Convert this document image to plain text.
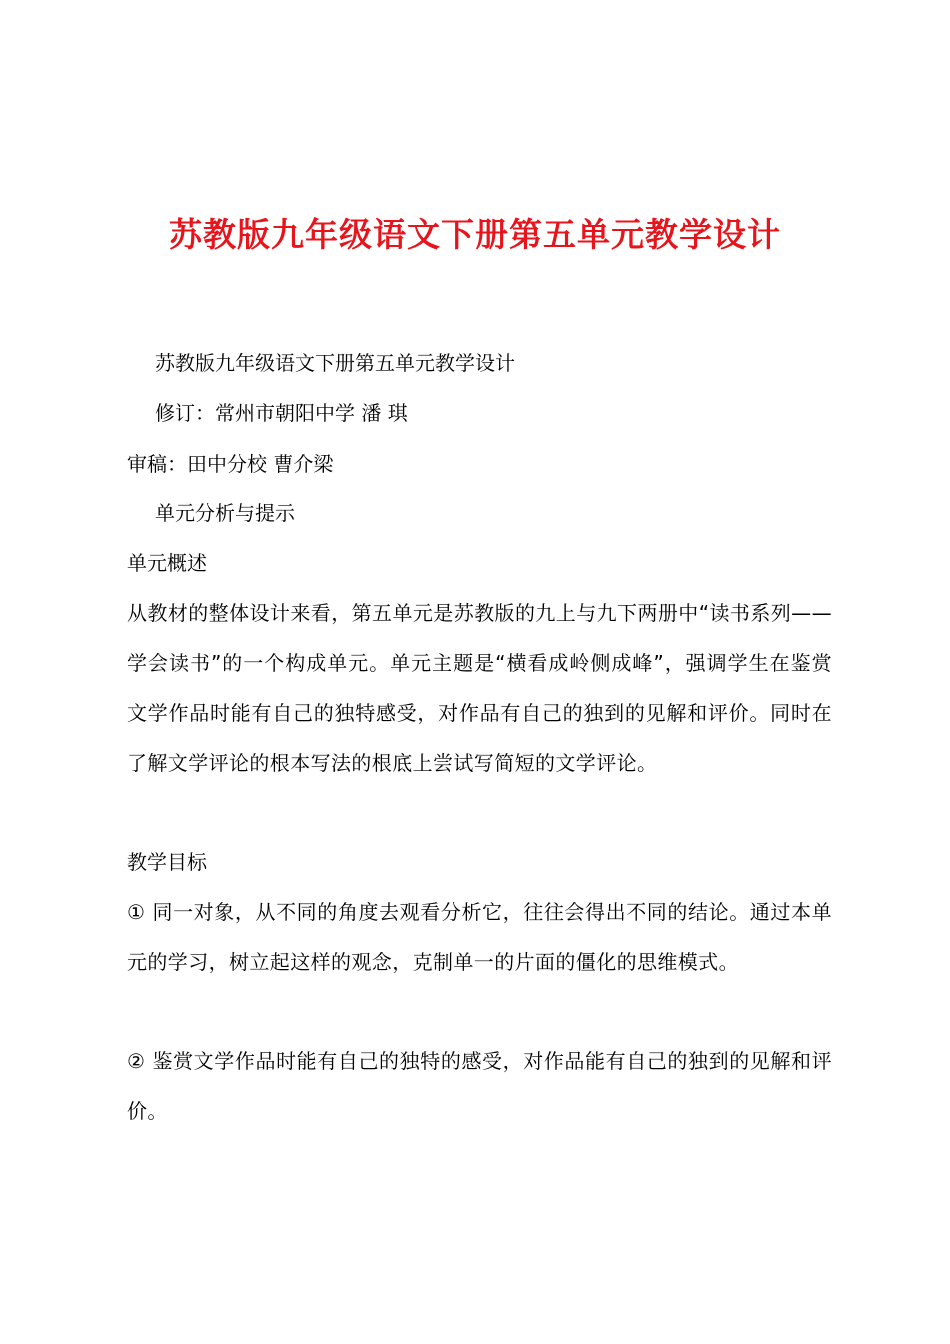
苏教版九年级语文下册第五单元教学设计

苏教版九年级语文下册第五单元教学设计

修订：常州市朝阳中学 潘 琪

审稿：田中分校 曹介梁

单元分析与提示

单元概述

从教材的整体设计来看，第五单元是苏教版的九上与九下两册中“读书系列——学会读书”的一个构成单元。单元主题是“横看成岭侧成峰”，强调学生在鉴赏文学作品时能有自己的独特感受，对作品有自己的独到的见解和评价。同时在了解文学评论的根本写法的根底上尝试写简短的文学评论。

教学目标

① 同一对象，从不同的角度去观看分析它，往往会得出不同的结论。通过本单元的学习，树立起这样的观念，克制单一的片面的僵化的思维模式。

② 鉴赏文学作品时能有自己的独特的感受，对作品能有自己的独到的见解和评价。
